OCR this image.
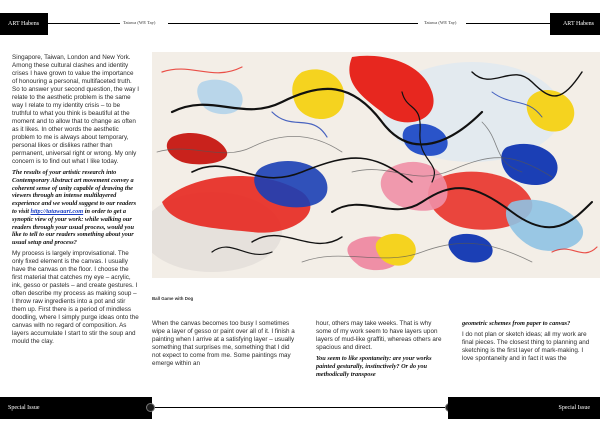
ART Habens	Tatawa (WE Tay)	Tatawa (WE Tay)	ART Habens

Singapore, Taiwan, London and New York. Among these cultural clashes and identity crises I have grown to value the importance of honouring a personal, multifaceted truth. So to answer your second question, the way I relate to the aesthetic problem is the same way I relate to my identity crisis – to be truthful to what you think is beautiful at the moment and to allow that to change as often as it likes. In other words the aesthetic problem to me is always about temporary, personal likes or dislikes rather than permanent, universal right or wrong. My only concern is to find out what I like today.

The results of your artistic research into Contemporary Abstract art movement convey a coherent sense of unity capable of drawing the viewers through an intense multilayered experience and we would suggest to our readers to visit http://tatawaart.com in order to get a synoptic view of your work: while walking our readers through your usual process, would you like to tell to our readers something about your usual setup and process?

My process is largely improvisational. The only fixed element is the canvas. I usually have the canvas on the floor. I choose the first material that catches my eye – acrylic, ink, gesso or pastels – and create gestures. I often describe my process as making soup – I throw raw ingredients into a pot and stir them up. First there is a period of mindless doodling, where I simply purge ideas onto the canvas with no regard of composition. As layers accumulate I start to stir the soup and mould the clay.

Ball Game with Dog

When the canvas becomes too busy I sometimes wipe a layer of gesso or paint over all of it. I finish a painting when I arrive at a satisfying layer – usually something that surprises me, something that I did not expect to come from me. Some paintings may emerge within an

hour, others may take weeks. That is why some of my work seem to have layers upon layers of mud-like graffiti, whereas others are spacious and direct.

You seem to like spontaneity: are your works painted gesturally, instinctively? Or do you methodically transpose

geometric schemes from paper to canvas?

I do not plan or sketch ideas; all my work are final pieces. The closest thing to planning and sketching is the first layer of mark-making. I love spontaneity and in fact it was the

Special Issue	Special Issue
